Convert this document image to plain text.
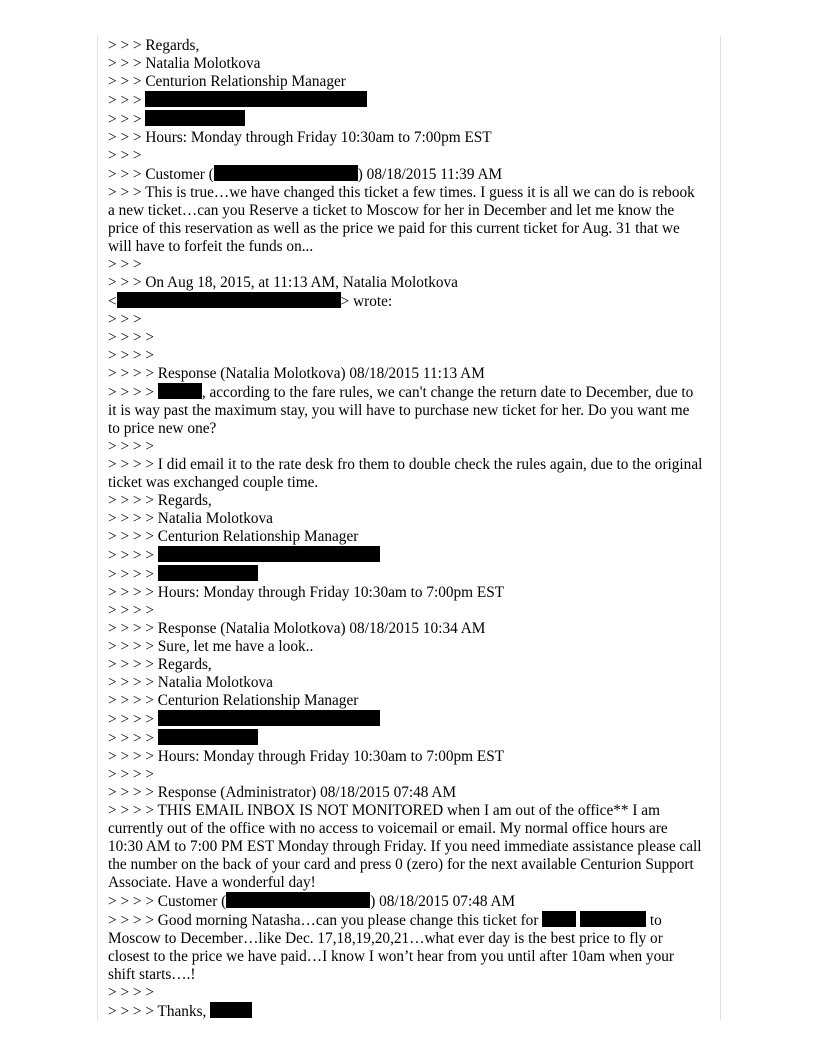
> > > Regards,
> > > Natalia Molotkova
> > > Centurion Relationship Manager
> > >
> > >
> > > Hours: Monday through Friday 10:30am to 7:00pm EST
> > >
> > > Customer (	) 08/18/2015 11:39 AM
> > > This is true…we have changed this ticket a few times. I guess it is all we can do is rebook a new ticket…can you Reserve a ticket to Moscow for her in December and let me know the price of this reservation as well as the price we paid for this current ticket for Aug. 31 that we will have to forfeit the funds on...
> > >
> > > On Aug 18, 2015, at 11:13 AM, Natalia Molotkova
<	> wrote:
> > >
> > > >
> > > >
> > > > Response (Natalia Molotkova) 08/18/2015 11:13 AM
> > > >	, according to the fare rules, we can't change the return date to December, due to it is way past the maximum stay, you will have to purchase new ticket for her. Do you want me to price new one?
> > > >
> > > > I did email it to the rate desk fro them to double check the rules again, due to the original ticket was exchanged couple time.
> > > > Regards,
> > > > Natalia Molotkova
> > > > Centurion Relationship Manager
> > > >
> > > >
> > > > Hours: Monday through Friday 10:30am to 7:00pm EST
> > > >
> > > > Response (Natalia Molotkova) 08/18/2015 10:34 AM
> > > > Sure, let me have a look..
> > > > Regards,
> > > > Natalia Molotkova
> > > > Centurion Relationship Manager
> > > >
> > > >
> > > > Hours: Monday through Friday 10:30am to 7:00pm EST
> > > >
> > > > Response (Administrator) 08/18/2015 07:48 AM
> > > > THIS EMAIL INBOX IS NOT MONITORED when I am out of the office** I am currently out of the office with no access to voicemail or email. My normal office hours are 10:30 AM to 7:00 PM EST Monday through Friday. If you need immediate assistance please call the number on the back of your card and press 0 (zero) for the next available Centurion Support Associate. Have a wonderful day!
> > > > Customer (	) 08/18/2015 07:48 AM
> > > > Good morning Natasha…can you please change this ticket for	to Moscow to December…like Dec. 17,18,19,20,21…what ever day is the best price to fly or closest to the price we have paid…I know I won’t hear from you until after 10am when your shift starts….!
> > > >
> > > > Thanks,
